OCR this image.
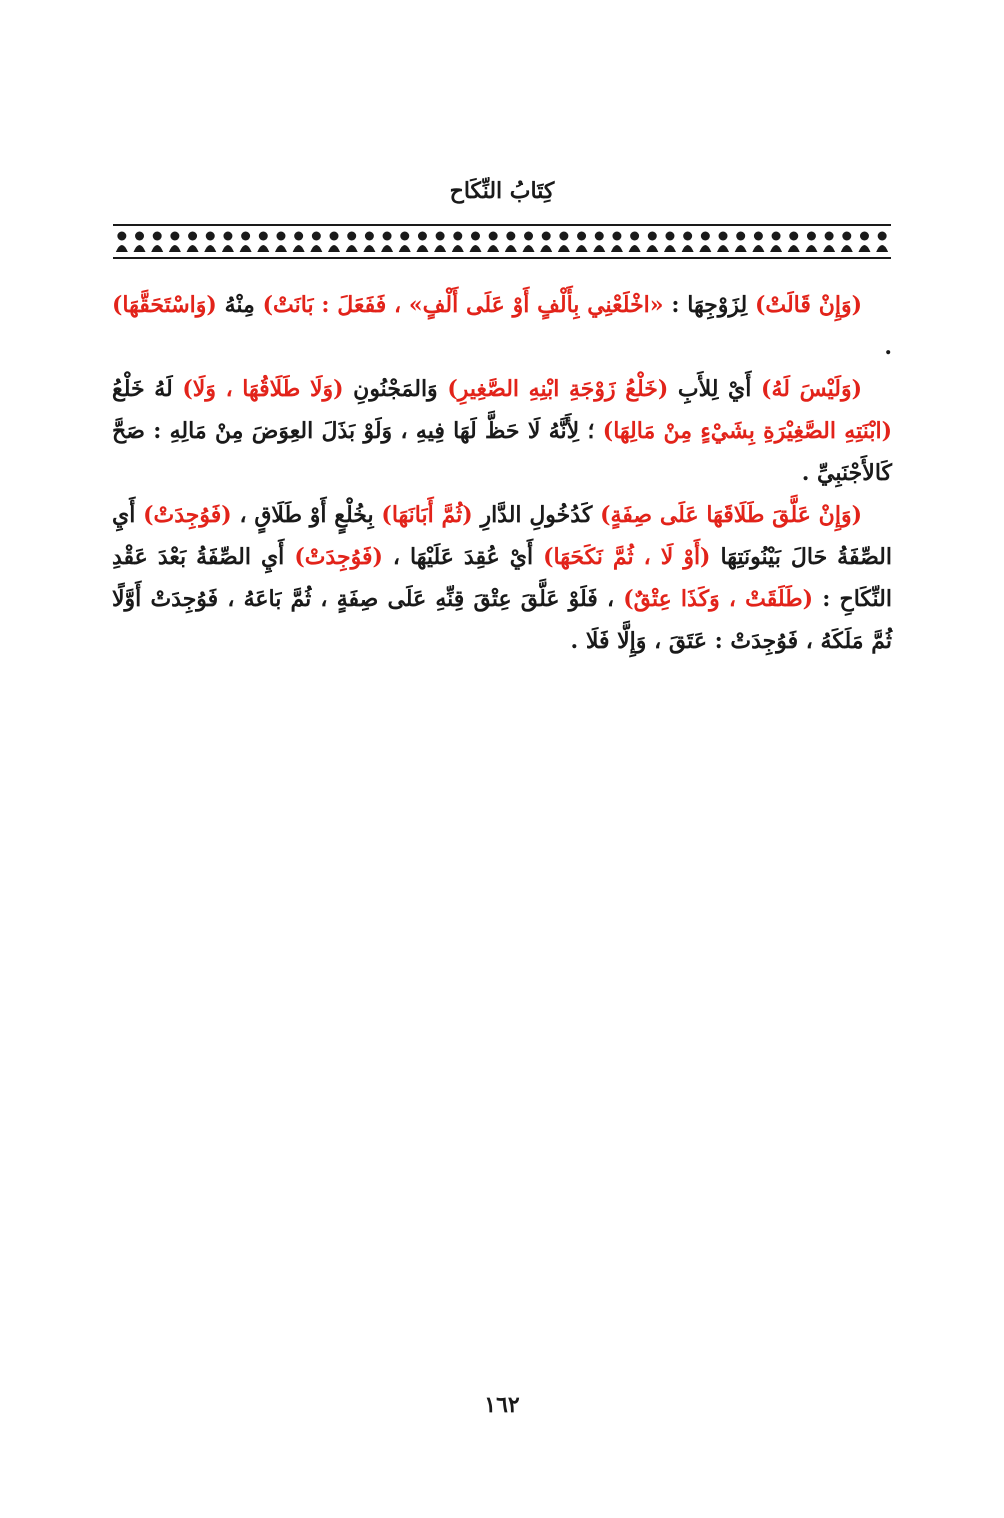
كِتَابُ النِّكَاح

(وَإِنْ قَالَتْ) لِزَوْجِهَا : «اخْلَعْنِي بِأَلْفٍ أَوْ عَلَى أَلْفٍ» ، فَفَعَلَ : بَانَتْ) مِنْهُ (وَاسْتَحَقَّهَا) .

(وَلَيْسَ لَهُ) أَيْ لِلأَبِ (خَلْعُ زَوْجَةِ ابْنِهِ الصَّغِيرِ) وَالمَجْنُونِ (وَلَا طَلَاقُهَا ، وَلَا) لَهُ خَلْعُ (ابْنَتِهِ الصَّغِيْرَةِ بِشَيْءٍ مِنْ مَالِهَا) ؛ لِأَنَّهُ لَا حَظَّ لَهَا فِيهِ ، وَلَوْ بَذَلَ العِوَضَ مِنْ مَالِهِ : صَحَّ كَالأَجْنَبِيِّ .

(وَإِنْ عَلَّقَ طَلَاقَهَا عَلَى صِفَةٍ) كَدُخُولِ الدَّارِ (ثُمَّ أَبَانَهَا) بِخُلْعٍ أَوْ طَلَاقٍ ، (فَوُجِدَتْ) أَيِ الصِّفَةُ حَالَ بَيْنُونَتِهَا (أَوْ لَا ، ثُمَّ نَكَحَهَا) أَيْ عُقِدَ عَلَيْهَا ، (فَوُجِدَتْ) أَيِ الصِّفَةُ بَعْدَ عَقْدِ النِّكَاحِ : (طَلَقَتْ ، وَكَذَا عِتْقٌ) ، فَلَوْ عَلَّقَ عِتْقَ قِنِّهِ عَلَى صِفَةٍ ، ثُمَّ بَاعَهُ ، فَوُجِدَتْ أَوَّلًا ثُمَّ مَلَكَهُ ، فَوُجِدَتْ : عَتَقَ ، وَإِلَّا فَلَا .

١٦٢
